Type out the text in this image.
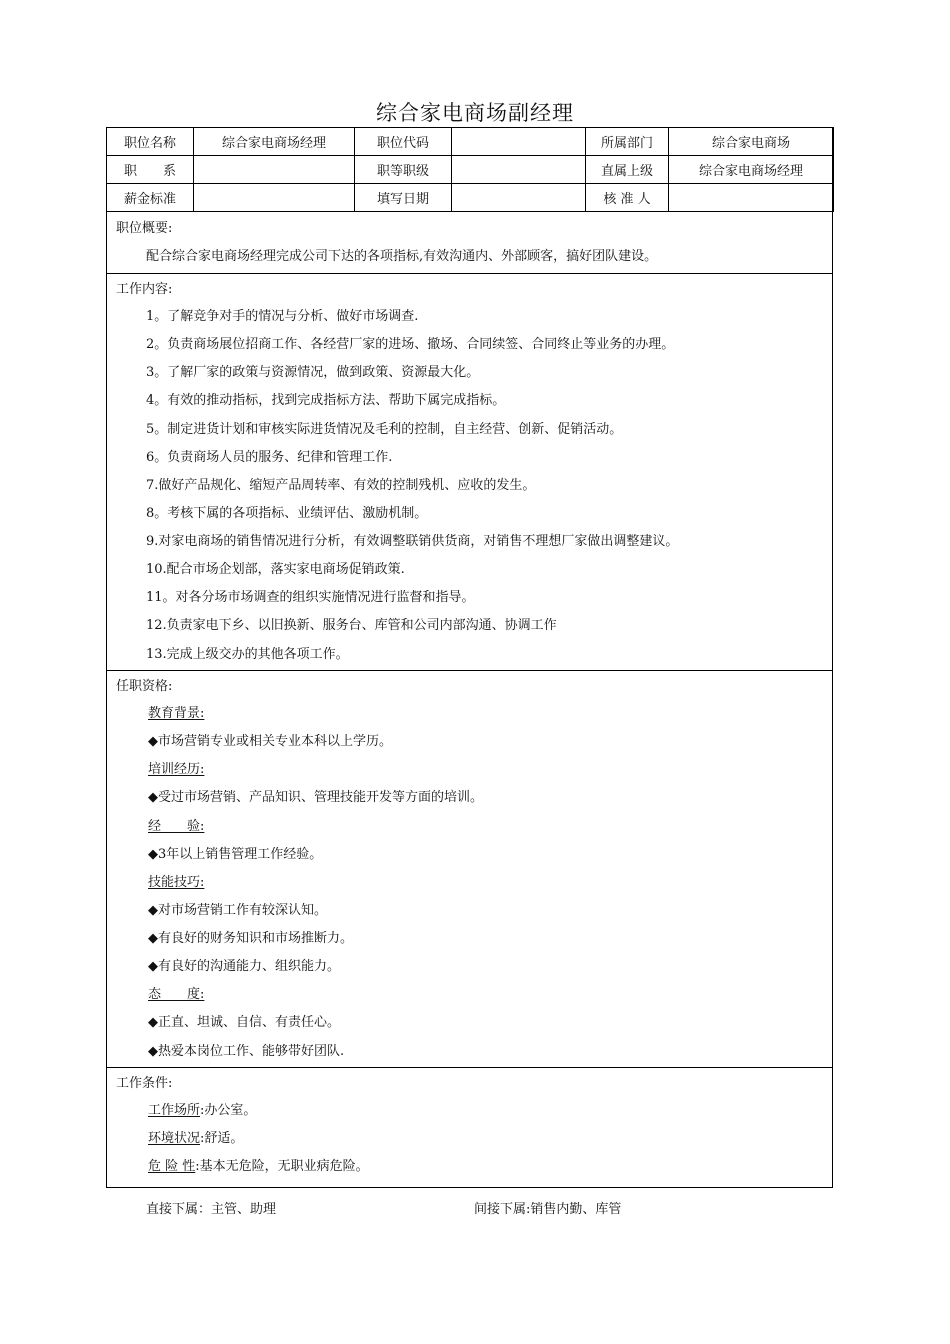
综合家电商场副经理
职位名称	综合家电商场经理	职位代码		所属部门	综合家电商场
职　　系		职等职级		直属上级	综合家电商场经理
薪金标准		填写日期		核 准 人	
职位概要:
配合综合家电商场经理完成公司下达的各项指标,有效沟通内、外部顾客，搞好团队建设。
工作内容:
1。了解竞争对手的情况与分析、做好市场调查.
2。负责商场展位招商工作、各经营厂家的进场、撤场、合同续签、合同终止等业务的办理。
3。了解厂家的政策与资源情况，做到政策、资源最大化。
4。有效的推动指标，找到完成指标方法、帮助下属完成指标。
5。制定进货计划和审核实际进货情况及毛利的控制，自主经营、创新、促销活动。
6。负责商场人员的服务、纪律和管理工作.
7.做好产品规化、缩短产品周转率、有效的控制残机、应收的发生。
8。考核下属的各项指标、业绩评估、激励机制。
9.对家电商场的销售情况进行分析，有效调整联销供货商，对销售不理想厂家做出调整建议。
10.配合市场企划部，落实家电商场促销政策.
11。对各分场市场调查的组织实施情况进行监督和指导。
12.负责家电下乡、以旧换新、服务台、库管和公司内部沟通、协调工作
13.完成上级交办的其他各项工作。
任职资格:
教育背景:
◆市场营销专业或相关专业本科以上学历。
培训经历:
◆受过市场营销、产品知识、管理技能开发等方面的培训。
经　　验:
◆3年以上销售管理工作经验。
技能技巧:
◆对市场营销工作有较深认知。
◆有良好的财务知识和市场推断力。
◆有良好的沟通能力、组织能力。
态　　度:
◆正直、坦诚、自信、有责任心。
◆热爱本岗位工作、能够带好团队.
工作条件:
工作场所:办公室。
环境状况:舒适。
危 险 性:基本无危险，无职业病危险。
直接下属：主管、助理	间接下属:销售内勤、库管
